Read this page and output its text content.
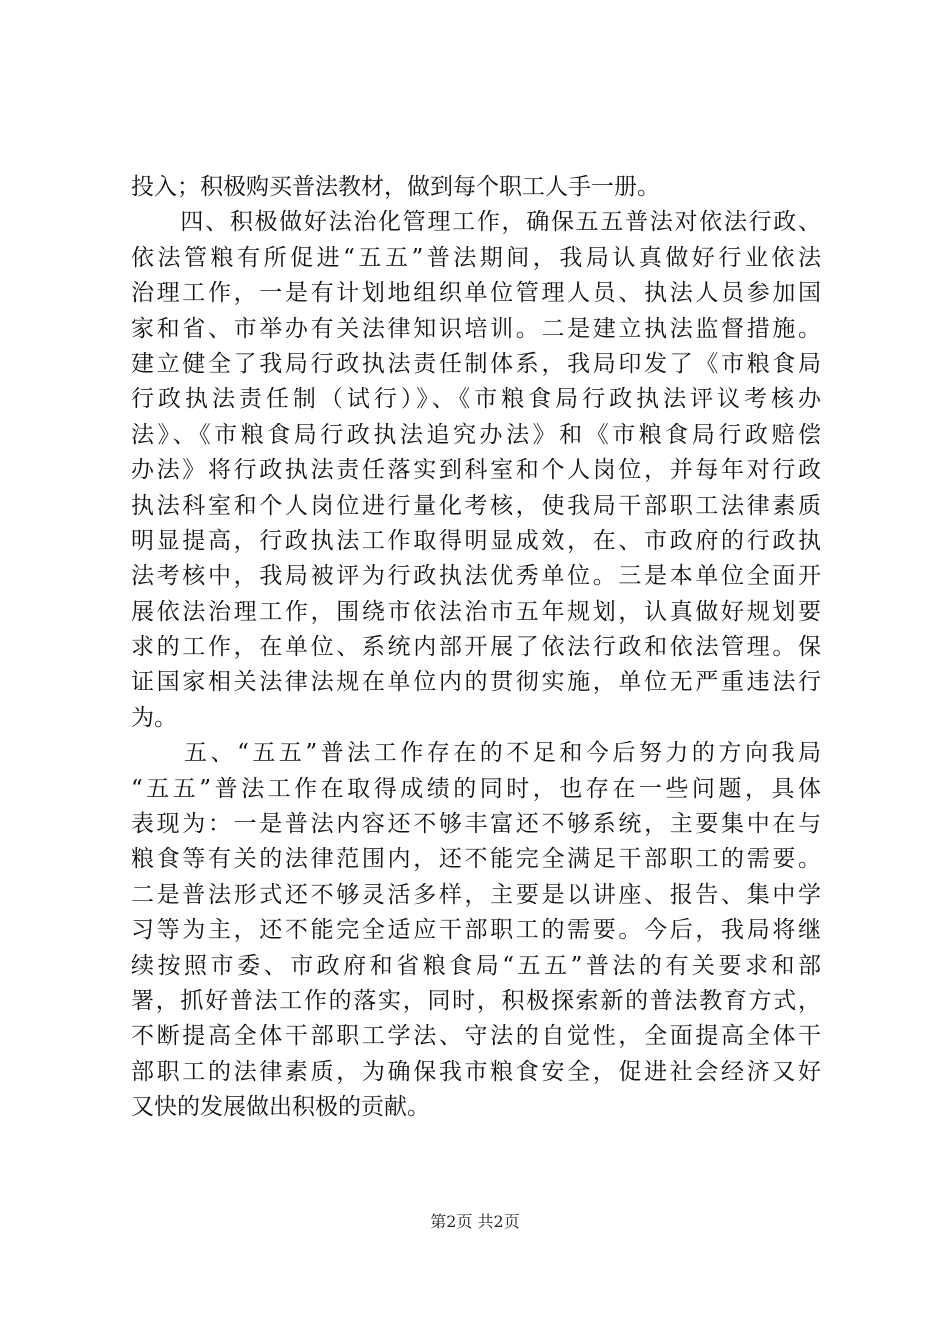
投入；积极购买普法教材，做到每个职工人手一册。
　　四、积极做好法治化管理工作，确保五五普法对依法行政、
依法管粮有所促进“五五”普法期间，我局认真做好行业依法
治理工作，一是有计划地组织单位管理人员、执法人员参加国
家和省、市举办有关法律知识培训。二是建立执法监督措施。
建立健全了我局行政执法责任制体系，我局印发了《市粮食局
行政执法责任制（试行）》、《市粮食局行政执法评议考核办
法》、《市粮食局行政执法追究办法》和《市粮食局行政赔偿
办法》将行政执法责任落实到科室和个人岗位，并每年对行政
执法科室和个人岗位进行量化考核，使我局干部职工法律素质
明显提高，行政执法工作取得明显成效，在、市政府的行政执
法考核中，我局被评为行政执法优秀单位。三是本单位全面开
展依法治理工作，围绕市依法治市五年规划，认真做好规划要
求的工作，在单位、系统内部开展了依法行政和依法管理。保
证国家相关法律法规在单位内的贯彻实施，单位无严重违法行
为。
　　五、“五五”普法工作存在的不足和今后努力的方向我局
“五五”普法工作在取得成绩的同时，也存在一些问题，具体
表现为：一是普法内容还不够丰富还不够系统，主要集中在与
粮食等有关的法律范围内，还不能完全满足干部职工的需要。
二是普法形式还不够灵活多样，主要是以讲座、报告、集中学
习等为主，还不能完全适应干部职工的需要。今后，我局将继
续按照市委、市政府和省粮食局“五五”普法的有关要求和部
署，抓好普法工作的落实，同时，积极探索新的普法教育方式，
不断提高全体干部职工学法、守法的自觉性，全面提高全体干
部职工的法律素质，为确保我市粮食安全，促进社会经济又好
又快的发展做出积极的贡献。
第2页 共2页
